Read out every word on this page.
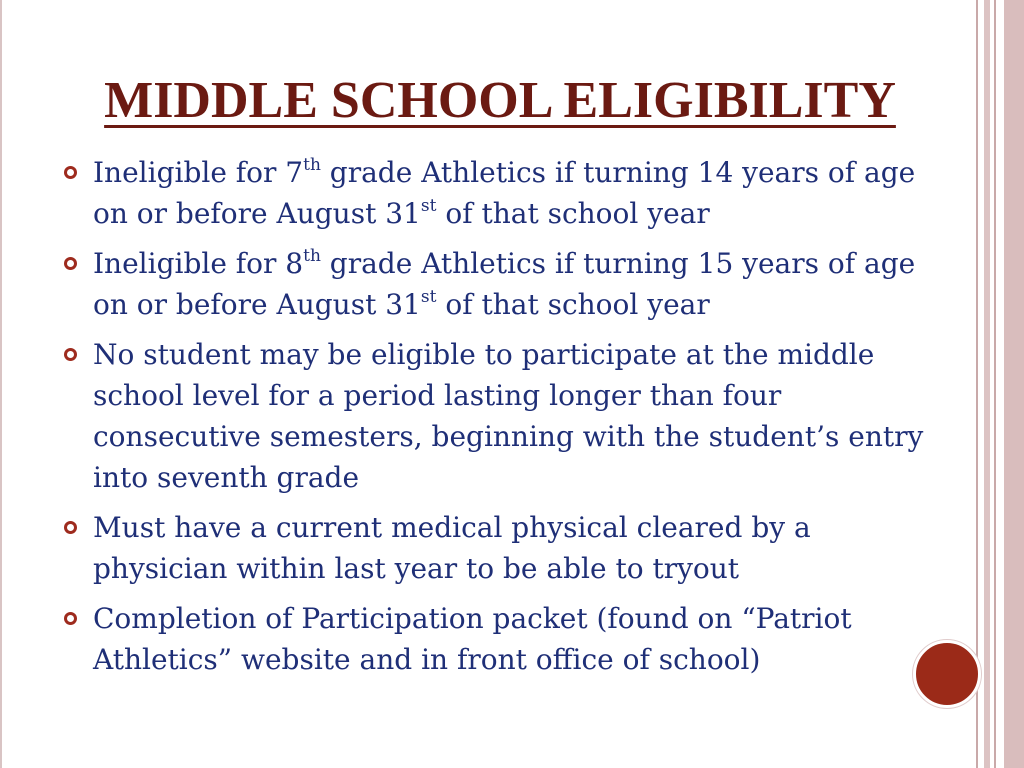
MIDDLE SCHOOL ELIGIBILITY
Ineligible for 7th grade Athletics if turning 14 years of age on or before August 31st of that school year
Ineligible for 8th grade Athletics if turning 15 years of age on or before August 31st of that school year
No student may be eligible to participate at the middle school level for a period lasting longer than four consecutive semesters, beginning with the student’s entry into seventh grade
Must have a current medical physical cleared by a physician within last year to be able to tryout
Completion of Participation packet (found on “Patriot Athletics” website and in front office of school)
